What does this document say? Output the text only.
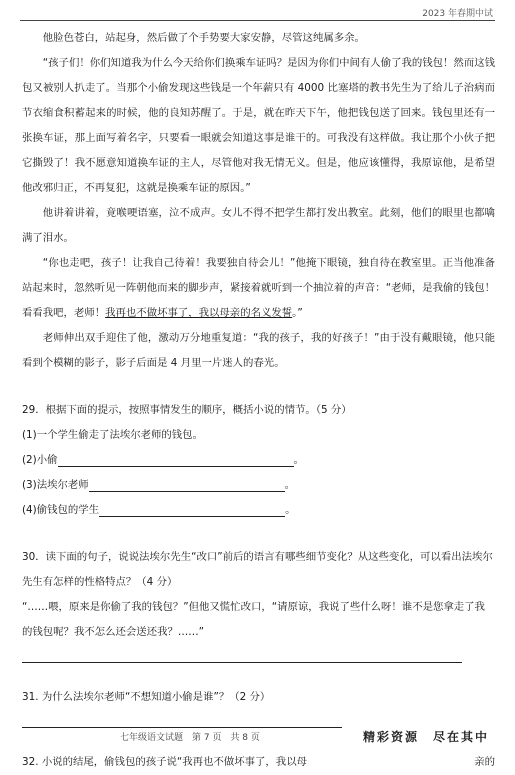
2023 年春期中试

他脸色苍白，站起身，然后做了个手势要大家安静，尽管这纯属多余。

“孩子们！你们知道我为什么今天给你们换乘车证吗？是因为你们中间有人偷了我的钱包！然而这钱包又被别人扒走了。当那个小偷发现这些钱是一个年薪只有 4000 比塞塔的教书先生为了给儿子治病而节衣缩食积蓄起来的时候，他的良知苏醒了。于是，就在昨天下午，他把钱包送了回来。钱包里还有一张换车证，那上面写着名字，只要看一眼就会知道这事是谁干的。可我没有这样做。我让那个小伙子把它撕毁了！我不愿意知道换车证的主人，尽管他对我无情无义。但是，他应该懂得，我原谅他，是希望他改邪归正，不再复犯，这就是换乘车证的原因。”

他讲着讲着，竟喉哽语塞，泣不成声。女儿不得不把学生都打发出教室。此刻，他们的眼里也都噙满了泪水。

“你也走吧，孩子！让我自己待着！我要独自待会儿！”他掩下眼镜，独自待在教室里。正当他准备站起来时，忽然听见一阵朝他而来的脚步声，紧接着就听到一个抽泣着的声音：“老师，是我偷的钱包！看看我吧，老师！我再也不做坏事了，我以母亲的名义发誓。”

老师伸出双手迎住了他，激动万分地重复道：“我的孩子，我的好孩子！”由于没有戴眼镜，他只能看到个模糊的影子，影子后面是 4 月里一片迷人的春光。

29．根据下面的提示，按照事情发生的顺序，概括小说的情节。（5 分）

(1)一个学生偷走了法埃尔老师的钱包。

(2)小偷	。

(3)法埃尔老师	。

(4)偷钱包的学生	。

30．读下面的句子，说说法埃尔先生“改口”前后的语言有哪些细节变化？从这些变化，可以看出法埃尔先生有怎样的性格特点？（4 分）

“……喂，原来是你偷了我的钱包？”但他又慌忙改口，“请原谅，我说了些什么呀！谁不是您拿走了我的钱包呢？我不怎么还会送还我？……”

31. 为什么法埃尔老师“不想知道小偷是谁”？（2 分）

32. 小说的结尾，偷钱包的孩子说“我再也不做坏事了，我以母	亲的

七年级语文试题　第 7 页　共 8 页	精彩资源　尽在其中
